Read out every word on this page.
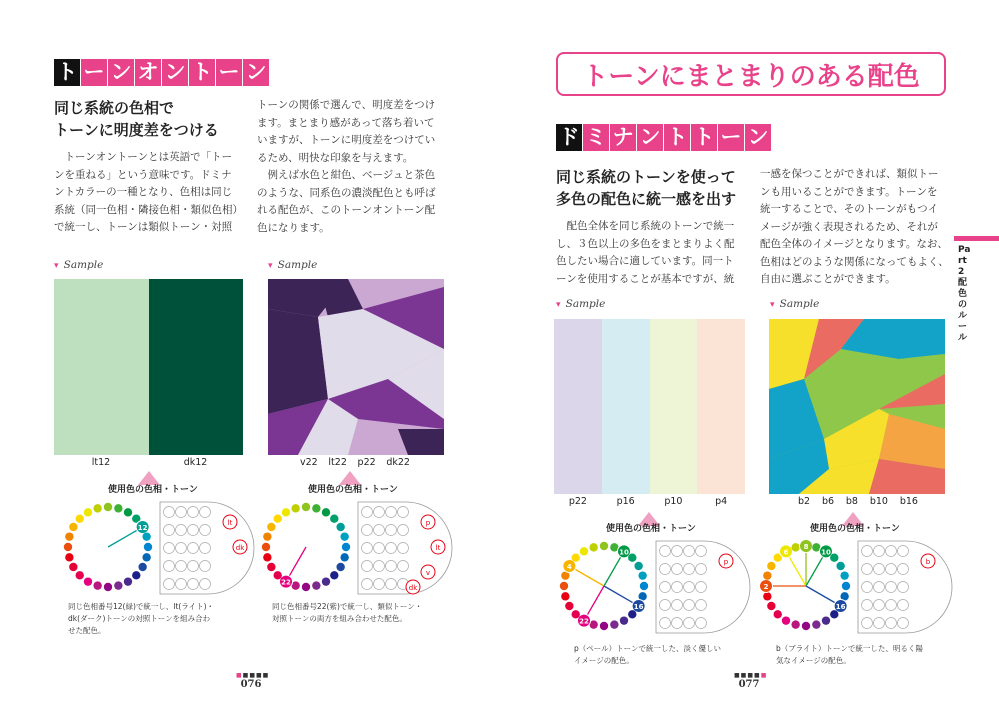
ト ー ン オ ン ト ー ン
同じ系統の色相で
トーンに明度差をつける
　トーンオントーンとは英語で「トー
ンを重ねる」という意味です。ドミナ
ントカラーの一種となり、色相は同じ
系統（同一色相・隣接色相・類似色相）
で統一し、トーンは類似トーン・対照
トーンの関係で選んで、明度差をつけ
ます。まとまり感があって落ち着いて
いますが、トーンに明度差をつけてい
るため、明快な印象を与えます。
　例えば水色と紺色、ベージュと茶色
のような、同系色の濃淡配色とも呼ば
れる配色が、このトーンオントーン配
色になります。
▾ Sample
lt12	dk12
▾ Sample
v22 lt22 p22 dk22
使用色の色相・トーン
12
lt
dk
使用色の色相・トーン
22
p
lt
v
dk
同じ色相番号12(緑)で統一し、lt(ライト)・
dk(ダーク)トーンの対照トーンを組み合わ
せた配色。
同じ色相番号22(紫)で統一し、類似トーン・
対照トーンの両方を組み合わせた配色。
■■■■■
076
トーンにまとまりのある配色
ド ミ ナ ン ト ト ー ン
同じ系統のトーンを使って
多色の配色に統一感を出す
　配色全体を同じ系統のトーンで統一
し、３色以上の多色をまとまりよく配
色したい場合に適しています。同一ト
ーンを使用することが基本ですが、統
一感を保つことができれば、類似トー
ンも用いることができます。トーンを
統一することで、そのトーンがもつイ
メージが強く表現されるため、それが
配色全体のイメージとなります。なお、
色相はどのような関係になってもよく、
自由に選ぶことができます。
Part2 配色のルール
▾ Sample
p22	p16	p10	p4
▾ Sample
b2 b6 b8 b10 b16
使用色の色相・トーン
10
4
16
22
p
使用色の色相・トーン
8
10
6
2
16
b
p（ペール）トーンで統一した、淡く優しい
イメージの配色。
b（ブライト）トーンで統一した、明るく陽
気なイメージの配色。
■■■■■
077
